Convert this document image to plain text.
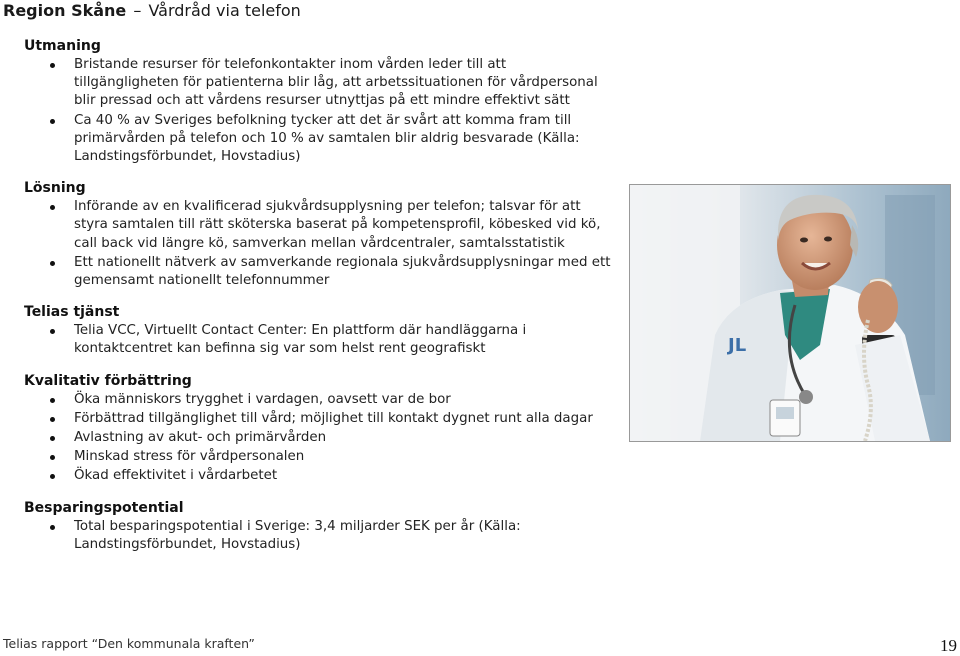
Region Skåne – Vårdråd via telefon
Utmaning
Bristande resurser för telefonkontakter inom vården leder till att tillgängligheten för patienterna blir låg, att arbetssituationen för vårdpersonal blir pressad och att vårdens resurser utnyttjas på ett mindre effektivt sätt
Ca 40 % av Sveriges befolkning tycker att det är svårt att komma fram till primärvården på telefon och 10 % av samtalen blir aldrig besvarade (Källa: Landstingsförbundet, Hovstadius)
Lösning
Införande av en kvalificerad sjukvårdsupplysning per telefon; talsvar för att styra samtalen till rätt sköterska baserat på kompetensprofil, köbesked vid kö, call back vid längre kö, samverkan mellan vårdcentraler, samtalsstatistik
Ett nationellt nätverk av samverkande regionala sjukvårdsupplysningar med ett gemensamt nationellt telefonnummer
Telias tjänst
Telia VCC, Virtuellt Contact Center: En plattform där handläggarna i kontaktcentret kan befinna sig var som helst rent geografiskt
Kvalitativ förbättring
Öka människors trygghet i vardagen, oavsett var de bor
Förbättrad tillgänglighet till vård; möjlighet till kontakt dygnet runt alla dagar
Avlastning av akut- och primärvården
Minskad stress för vårdpersonalen
Ökad effektivitet i vårdarbetet
Besparingspotential
Total besparingspotential i Sverige: 3,4 miljarder SEK per år (Källa: Landstingsförbundet, Hovstadius)
JL
Telias rapport “Den kommunala kraften”	19
